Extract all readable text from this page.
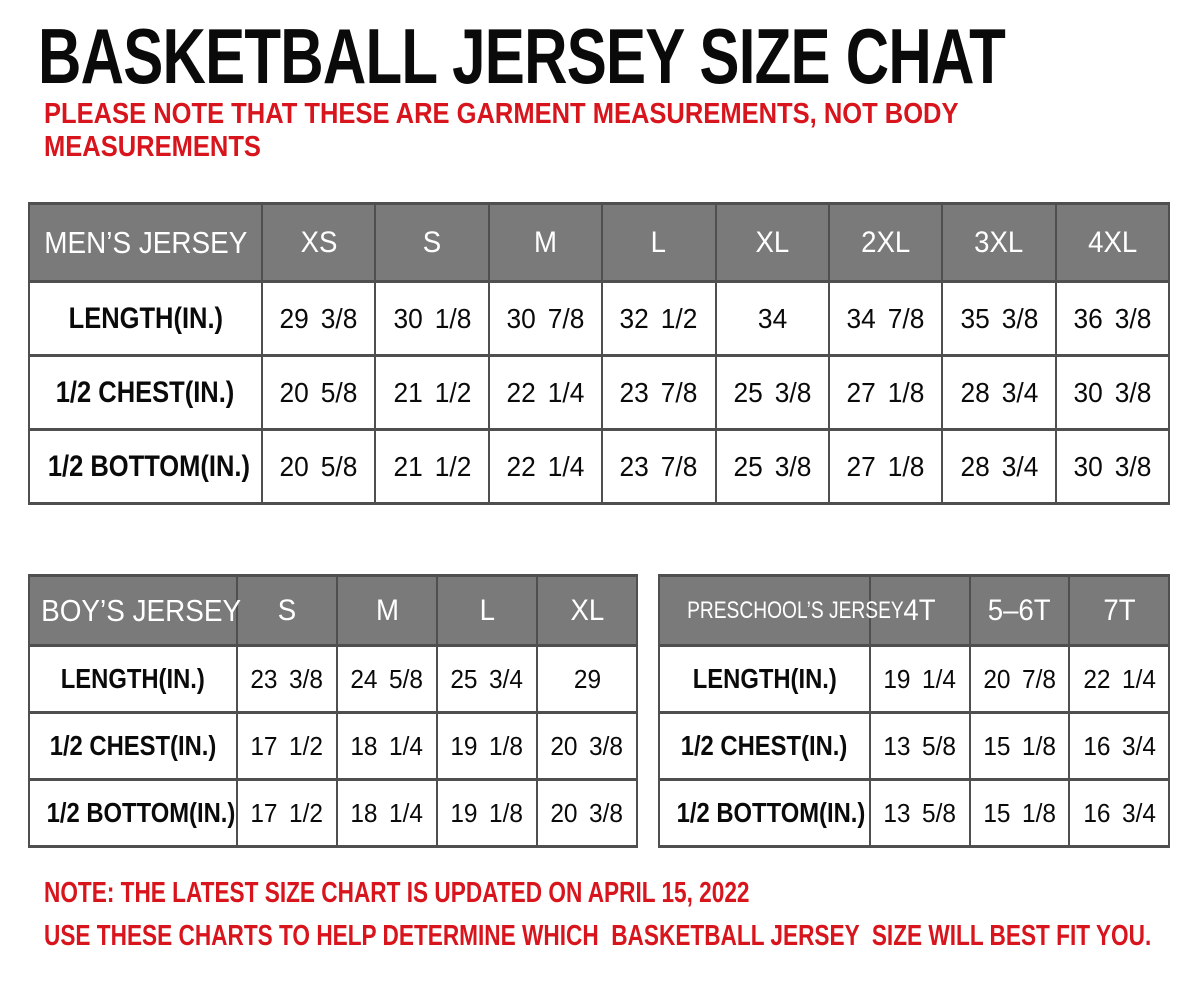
BASKETBALL JERSEY SIZE CHAT
PLEASE NOTE THAT THESE ARE GARMENT MEASUREMENTS, NOT BODY MEASUREMENTS
MEN’S JERSEY	XS	S	M	L	XL	2XL	3XL	4XL
LENGTH(IN.)	29 3/8	30 1/8	30 7/8	32 1/2	34	34 7/8	35 3/8	36 3/8
1/2 CHEST(IN.)	20 5/8	21 1/2	22 1/4	23 7/8	25 3/8	27 1/8	28 3/4	30 3/8
1/2 BOTTOM(IN.)	20 5/8	21 1/2	22 1/4	23 7/8	25 3/8	27 1/8	28 3/4	30 3/8
BOY’S JERSEY	S	M	L	XL
LENGTH(IN.)	23 3/8	24 5/8	25 3/4	29
1/2 CHEST(IN.)	17 1/2	18 1/4	19 1/8	20 3/8
1/2 BOTTOM(IN.)	17 1/2	18 1/4	19 1/8	20 3/8
PRESCHOOL’S JERSEY	4T	5–6T	7T
LENGTH(IN.)	19 1/4	20 7/8	22 1/4
1/2 CHEST(IN.)	13 5/8	15 1/8	16 3/4
1/2 BOTTOM(IN.)	13 5/8	15 1/8	16 3/4
NOTE: THE LATEST SIZE CHART IS UPDATED ON APRIL 15, 2022
USE THESE CHARTS TO HELP DETERMINE WHICH  BASKETBALL JERSEY  SIZE WILL BEST FIT YOU.
